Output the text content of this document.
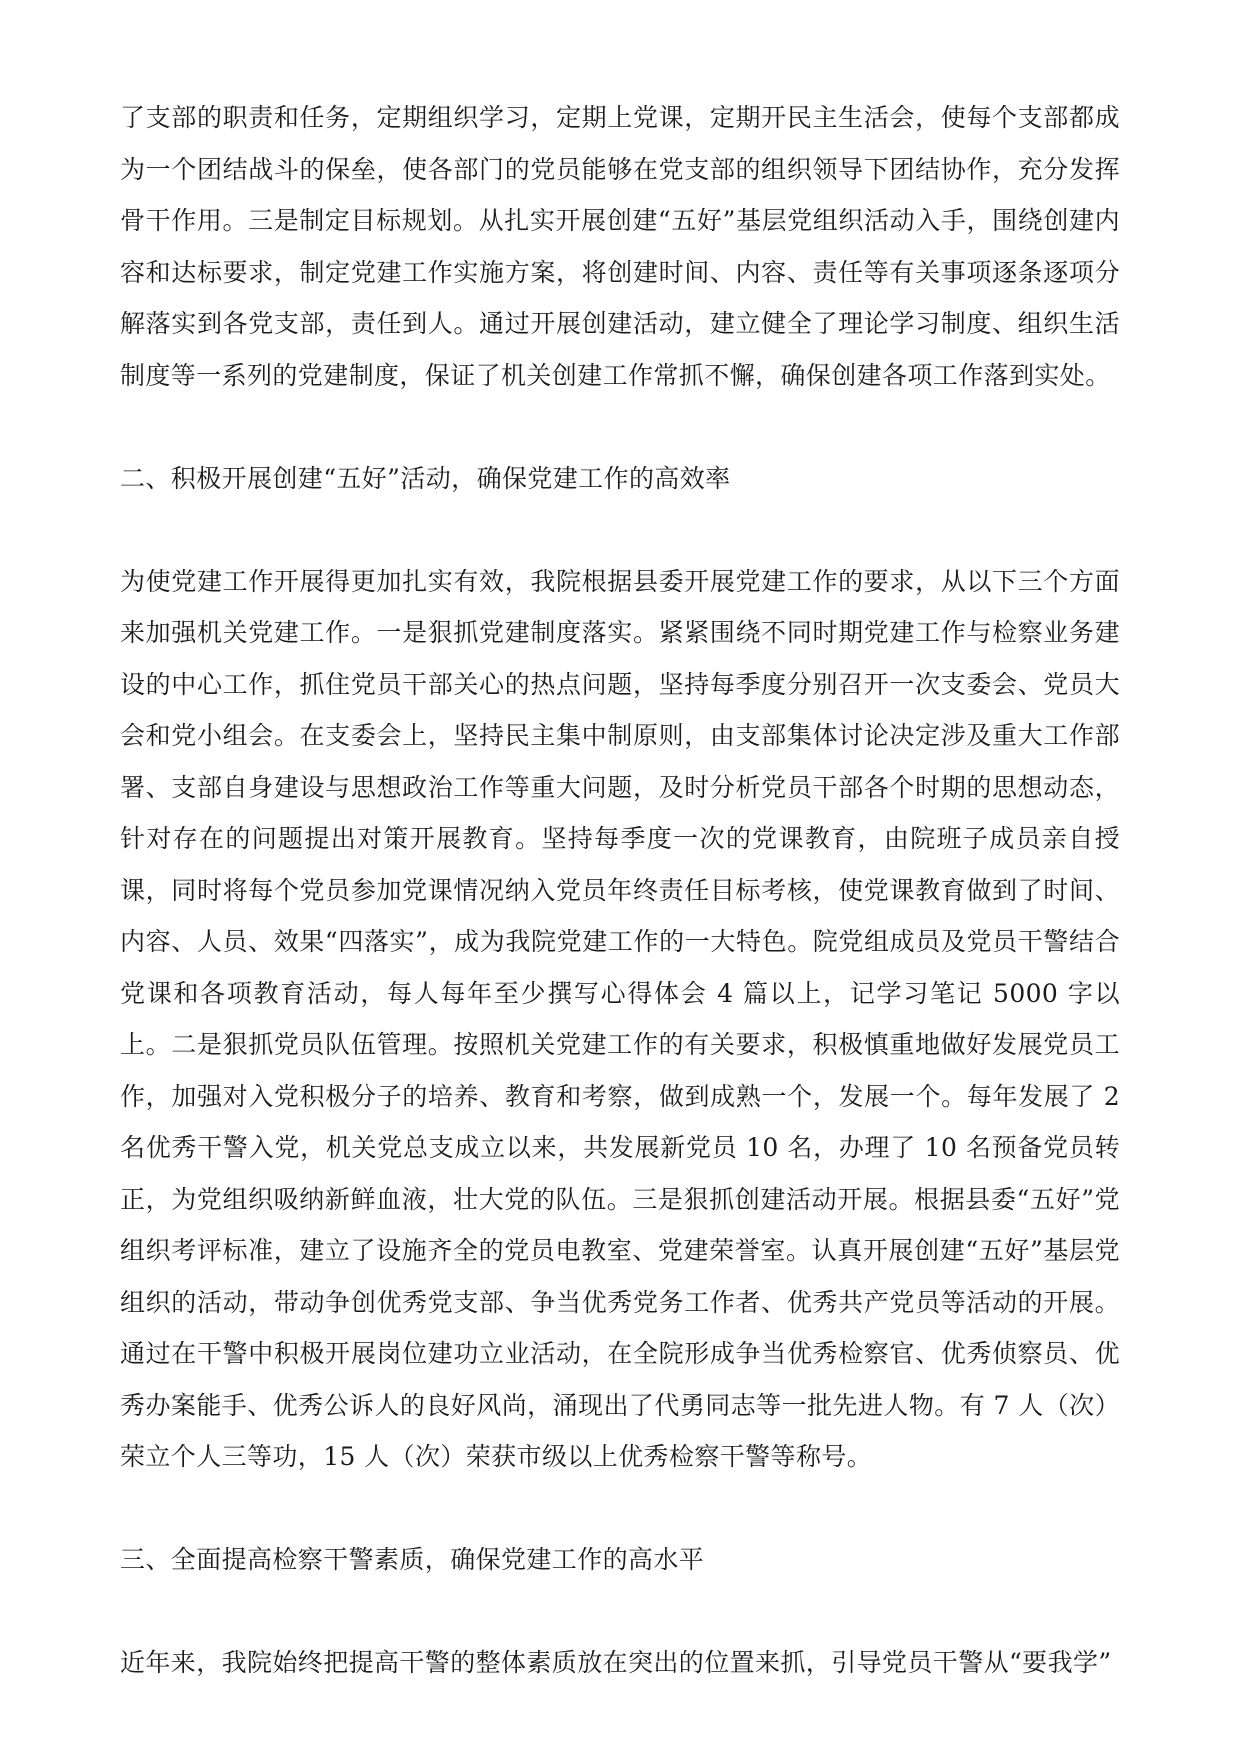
了支部的职责和任务，定期组织学习，定期上党课，定期开民主生活会，使每个支部都成为一个团结战斗的保垒，使各部门的党员能够在党支部的组织领导下团结协作，充分发挥骨干作用。三是制定目标规划。从扎实开展创建“五好”基层党组织活动入手，围绕创建内容和达标要求，制定党建工作实施方案，将创建时间、内容、责任等有关事项逐条逐项分解落实到各党支部，责任到人。通过开展创建活动，建立健全了理论学习制度、组织生活制度等一系列的党建制度，保证了机关创建工作常抓不懈，确保创建各项工作落到实处。

二、积极开展创建“五好”活动，确保党建工作的高效率

为使党建工作开展得更加扎实有效，我院根据县委开展党建工作的要求，从以下三个方面来加强机关党建工作。一是狠抓党建制度落实。紧紧围绕不同时期党建工作与检察业务建设的中心工作，抓住党员干部关心的热点问题，坚持每季度分别召开一次支委会、党员大会和党小组会。在支委会上，坚持民主集中制原则，由支部集体讨论决定涉及重大工作部署、支部自身建设与思想政治工作等重大问题，及时分析党员干部各个时期的思想动态，针对存在的问题提出对策开展教育。坚持每季度一次的党课教育，由院班子成员亲自授课，同时将每个党员参加党课情况纳入党员年终责任目标考核，使党课教育做到了时间、内容、人员、效果“四落实”，成为我院党建工作的一大特色。院党组成员及党员干警结合党课和各项教育活动，每人每年至少撰写心得体会 4 篇以上，记学习笔记 5000 字以上。二是狠抓党员队伍管理。按照机关党建工作的有关要求，积极慎重地做好发展党员工作，加强对入党积极分子的培养、教育和考察，做到成熟一个，发展一个。每年发展了 2 名优秀干警入党，机关党总支成立以来，共发展新党员 10 名，办理了 10 名预备党员转正，为党组织吸纳新鲜血液，壮大党的队伍。三是狠抓创建活动开展。根据县委“五好”党组织考评标准，建立了设施齐全的党员电教室、党建荣誉室。认真开展创建“五好”基层党组织的活动，带动争创优秀党支部、争当优秀党务工作者、优秀共产党员等活动的开展。通过在干警中积极开展岗位建功立业活动，在全院形成争当优秀检察官、优秀侦察员、优秀办案能手、优秀公诉人的良好风尚，涌现出了代勇同志等一批先进人物。有 7 人（次）荣立个人三等功，15 人（次）荣获市级以上优秀检察干警等称号。

三、全面提高检察干警素质，确保党建工作的高水平

近年来，我院始终把提高干警的整体素质放在突出的位置来抓，引导党员干警从“要我学”
